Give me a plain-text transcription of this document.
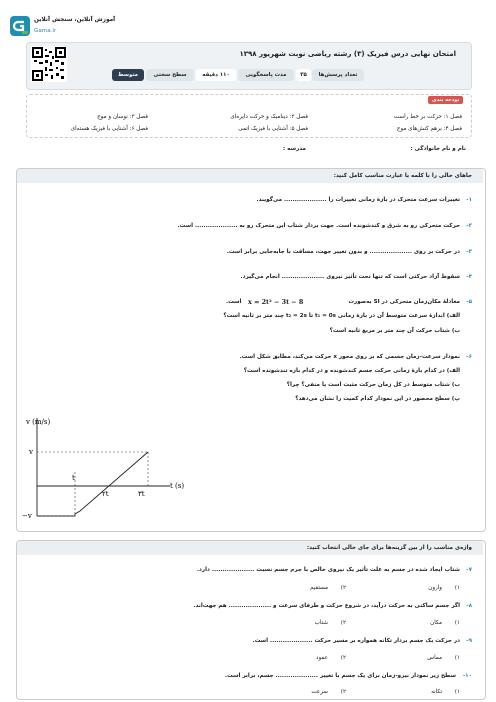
آموزش آنلاین، سنجش آنلاین
Gama.ir
امتحان نهایی درس فیزیک (۳) رشته ریاضی نوبت شهریور ۱۳۹۸
تعداد پرسش‌ها
۳۵
مدت پاسخگویی
۱۱۰ دقیقه
سطح سختی
متوسط
بودجه بندی
فصل ۱: حرکت بر خط راست
فصل ۲: دینامیک و حرکت دایره‌ای
فصل ۳: نوسان و موج
فصل ۴: برهم کنش‌های موج
فصل ۵: آشنایی با فیزیک اتمی
فصل ۶: آشنایی با فیزیک هسته‌ای
نام و نام خانوادگی :
مدرسه :
جاهای خالی را با کلمه یا عبارت مناسب کامل کنید:
۱-
تغییرات سرعت متحرک در بازهٔ زمانی تغییرات را .................... می‌گویند.
۲-
حرکت متحرکی رو به شرق و کندشونده است. جهت بردار شتاب این متحرک رو به .................... است.
۳-
در حرکت بر روی .................... و بدون تغییر جهت، مسافت با جابه‌جایی برابر است.
۴-
سقوط آزاد حرکتی است که تنها تحت تأثیر نیروی .................... انجام می‌گیرد.
۵-
معادلهٔ مکان‌زمان متحرکی در SI به‌صورت
x = 2t² − 3t − 8
است.
الف) اندازهٔ سرعت متوسط آن در بازهٔ زمانی t₁ = 0s تا t₂ = 2s چند متر بر ثانیه است؟
ب) شتاب حرکت آن چند متر بر مربع ثانیه است؟
۶-
نمودار سرعت-زمان جسمی که بر روی محور x حرکت می‌کند، مطابق شکل است.
الف) در کدام بازهٔ زمانی حرکت جسم کندشونده و در کدام بازه تندشونده است؟
ب) شتاب متوسط در کل زمان حرکت مثبت است یا منفی؟ چرا؟
پ) سطح محصور در این نمودار کدام کمیت را نشان می‌دهد؟
v (m/s)
t (s)
v
−v
t
۲t	۳t
واژه‌ی مناسب را از بین گزینه‌ها برای جای خالی انتخاب کنید:
۷-
شتاب ایجاد شده در جسم به علت تأثیر یک نیروی خالص با جرم جسم نسبت .................... دارد.
۱)
وارون
۲)
مستقیم
۸-
اگر جسم ساکنی به حرکت درآید، در شروع حرکت و طرفای سرعت و .................... هم جهت‌اند.
۱)
مکان
۲)
شتاب
۹-
در حرکت یک جسم بردار تکانه همواره بر مسیر حرکت .................... است.
۱)
مماس
۲)
عمود
۱۰-
سطح زیر نمودار نیرو-زمان برای یک جسم با تغییر .................... جسم، برابر است.
۱)
تکانه
۲)
سرعت
